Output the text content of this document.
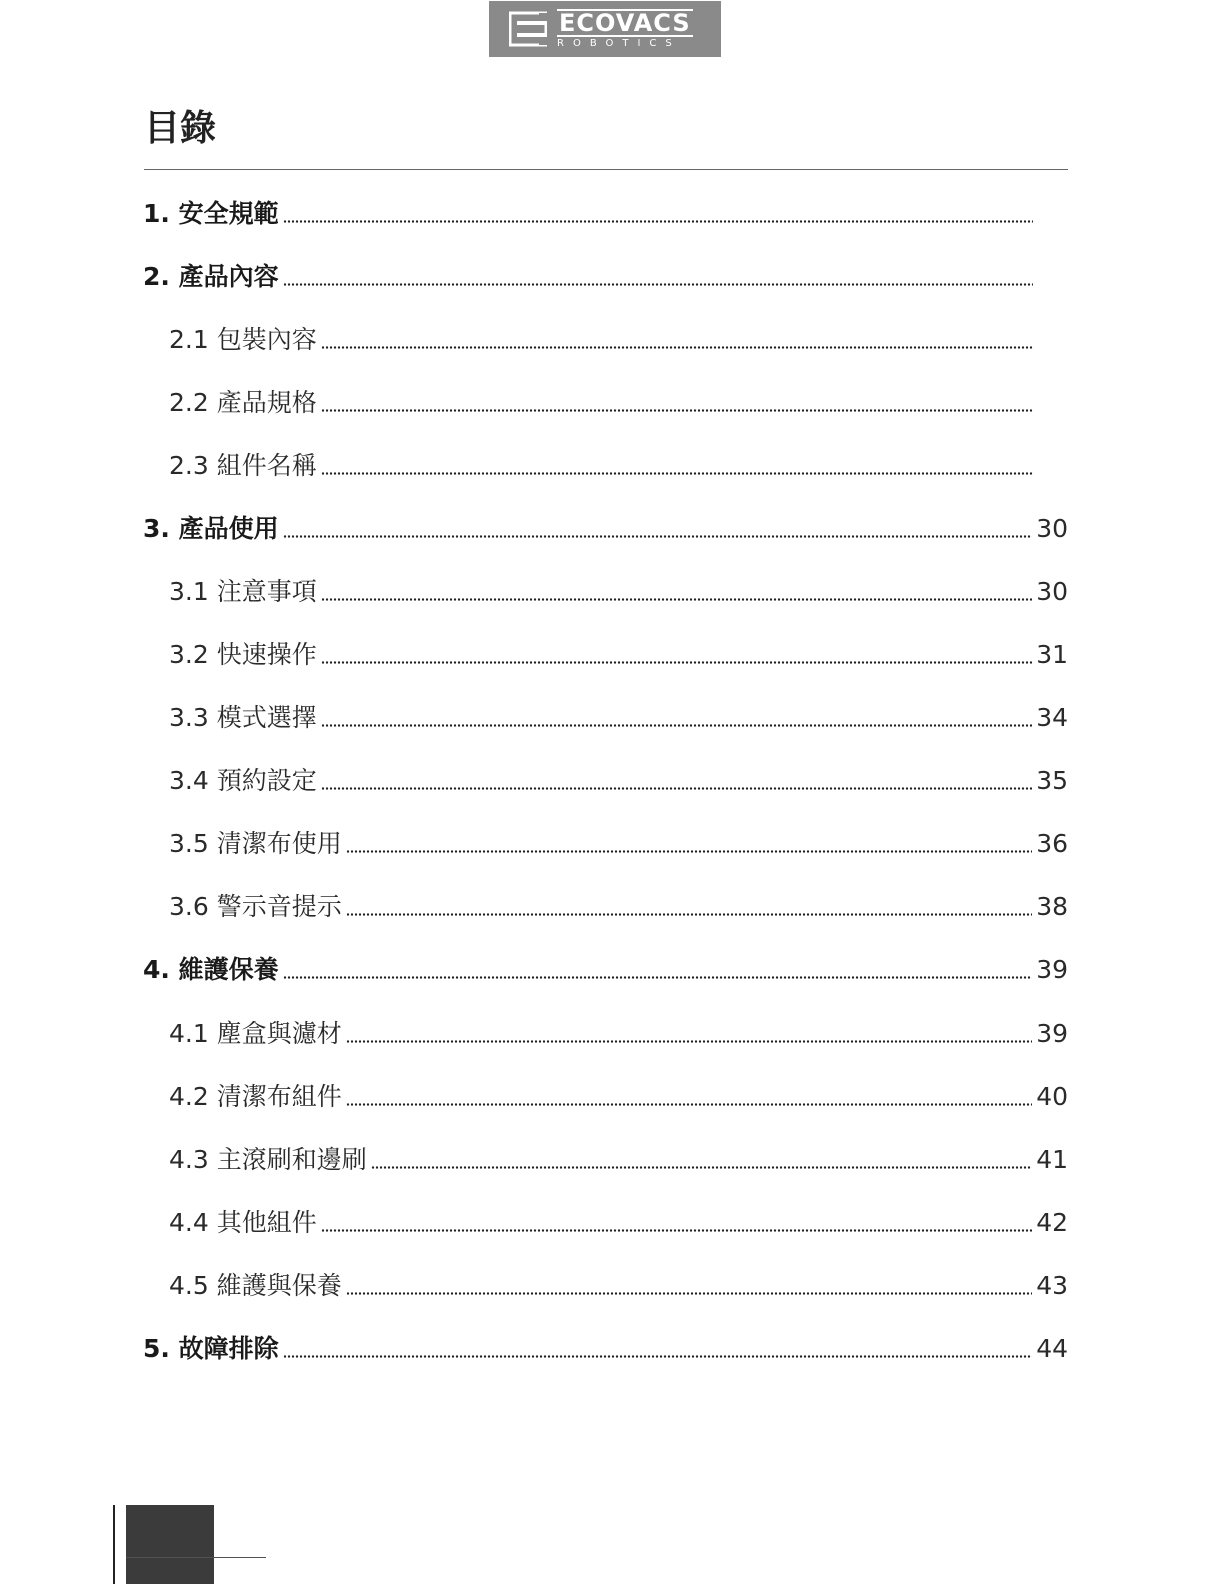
ECOVACS
ROBOTICS
目錄
1. 安全規範
2. 產品內容
2.1 包裝內容
2.2 產品規格
2.3 組件名稱
3. 產品使用	30
3.1 注意事項	30
3.2 快速操作	31
3.3 模式選擇	34
3.4 預約設定	35
3.5 清潔布使用	36
3.6 警示音提示	38
4. 維護保養	39
4.1 塵盒與濾材	39
4.2 清潔布組件	40
4.3 主滾刷和邊刷	41
4.4 其他組件	42
4.5 維護與保養	43
5. 故障排除	44
